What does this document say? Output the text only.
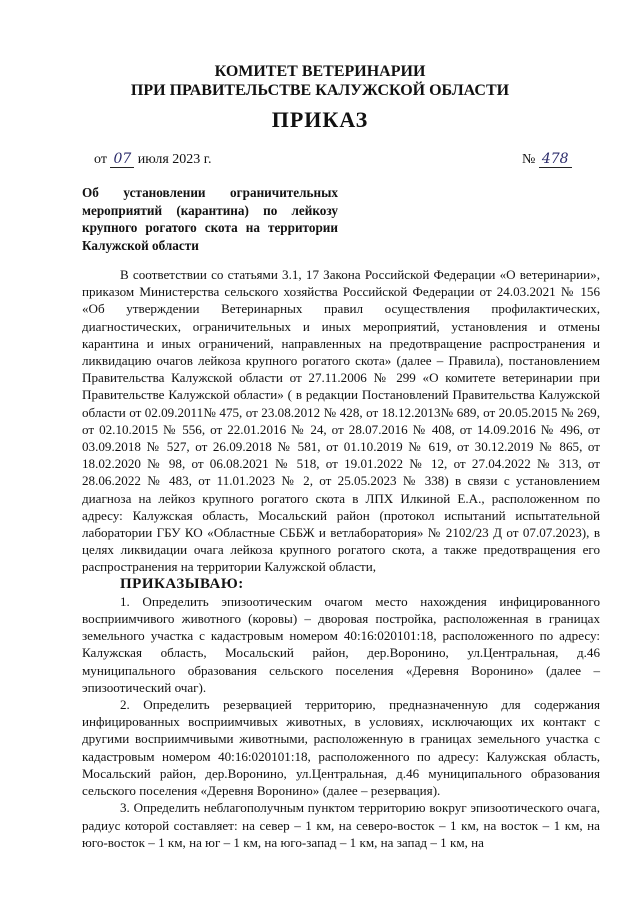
КОМИТЕТ ВЕТЕРИНАРИИ
ПРИ ПРАВИТЕЛЬСТВЕ КАЛУЖСКОЙ ОБЛАСТИ
ПРИКАЗ
от 07 июля 2023 г.	№ 478
Об установлении ограничительных мероприятий (карантина) по лейкозу крупного рогатого скота на территории Калужской области

В соответствии со статьями 3.1, 17 Закона Российской Федерации «О ветеринарии», приказом Министерства сельского хозяйства Российской Федерации от 24.03.2021 № 156 «Об утверждении Ветеринарных правил осуществления профилактических, диагностических, ограничительных и иных мероприятий, установления и отмены карантина и иных ограничений, направленных на предотвращение распространения и ликвидацию очагов лейкоза крупного рогатого скота» (далее – Правила), постановлением Правительства Калужской области от 27.11.2006 № 299 «О комитете ветеринарии при Правительстве Калужской области» ( в редакции Постановлений Правительства Калужской области от 02.09.2011№ 475, от 23.08.2012 № 428, от 18.12.2013№ 689, от 20.05.2015 № 269, от 02.10.2015 № 556, от 22.01.2016 № 24, от 28.07.2016 № 408, от 14.09.2016 № 496, от 03.09.2018 № 527, от 26.09.2018 № 581, от 01.10.2019 № 619, от 30.12.2019 № 865, от 18.02.2020 № 98, от 06.08.2021 № 518, от 19.01.2022 № 12, от 27.04.2022 № 313, от 28.06.2022 № 483, от 11.01.2023 № 2, от 25.05.2023 № 338) в связи с установлением диагноза на лейкоз крупного рогатого скота в ЛПХ Илкиной Е.А., расположенном по адресу: Калужская область, Мосальский район (протокол испытаний испытательной лаборатории ГБУ КО «Областные СББЖ и ветлаборатория» № 2102/23 Д от 07.07.2023), в целях ликвидации очага лейкоза крупного рогатого скота, а также предотвращения его распространения на территории Калужской области,

ПРИКАЗЫВАЮ:

1. Определить эпизоотическим очагом место нахождения инфицированного восприимчивого животного (коровы) – дворовая постройка, расположенная в границах земельного участка с кадастровым номером 40:16:020101:18, расположенного по адресу: Калужская область, Мосальский район, дер.Воронино, ул.Центральная, д.46 муниципального образования сельского поселения «Деревня Воронино» (далее – эпизоотический очаг).

2. Определить резервацией территорию, предназначенную для содержания инфицированных восприимчивых животных, в условиях, исключающих их контакт с другими восприимчивыми животными, расположенную в границах земельного участка с кадастровым номером 40:16:020101:18, расположенного по адресу: Калужская область, Мосальский район, дер.Воронино, ул.Центральная, д.46 муниципального образования сельского поселения «Деревня Воронино» (далее – резервация).

3. Определить неблагополучным пунктом территорию вокруг эпизоотического очага, радиус которой составляет: на север – 1 км, на северо-восток – 1 км, на восток – 1 км, на юго-восток – 1 км, на юг – 1 км, на юго-запад – 1 км, на запад – 1 км, на
